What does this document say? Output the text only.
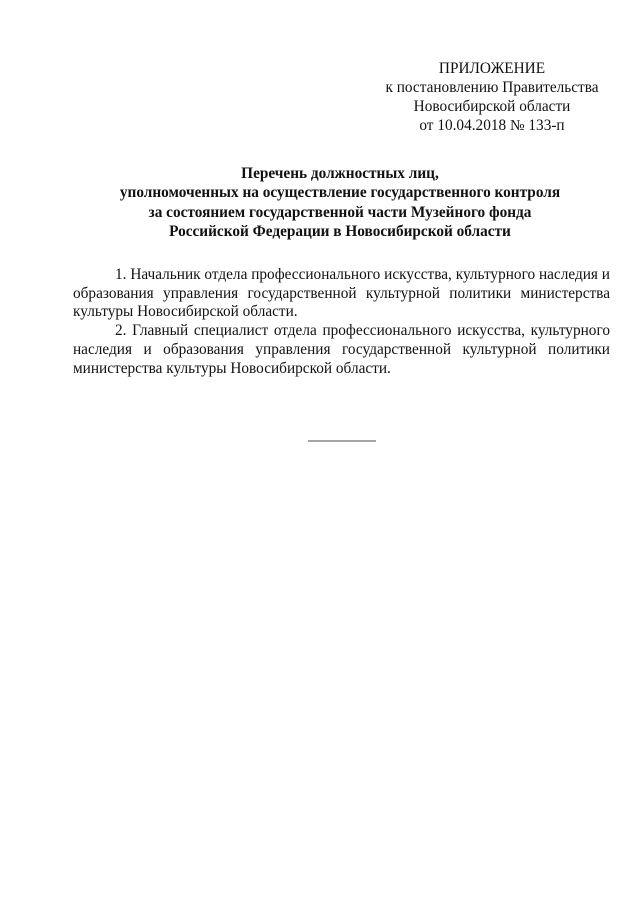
ПРИЛОЖЕНИЕ
к постановлению Правительства
Новосибирской области
от 10.04.2018 № 133-п
Перечень должностных лиц,
уполномоченных на осуществление государственного контроля
за состоянием государственной части Музейного фонда
Российской Федерации в Новосибирской области

1. Начальник отдела профессионального искусства, культурного наследия и образования управления государственной культурной политики министерства культуры Новосибирской области.

2. Главный специалист отдела профессионального искусства, культурного наследия и образования управления государственной культурной политики министерства культуры Новосибирской области.
